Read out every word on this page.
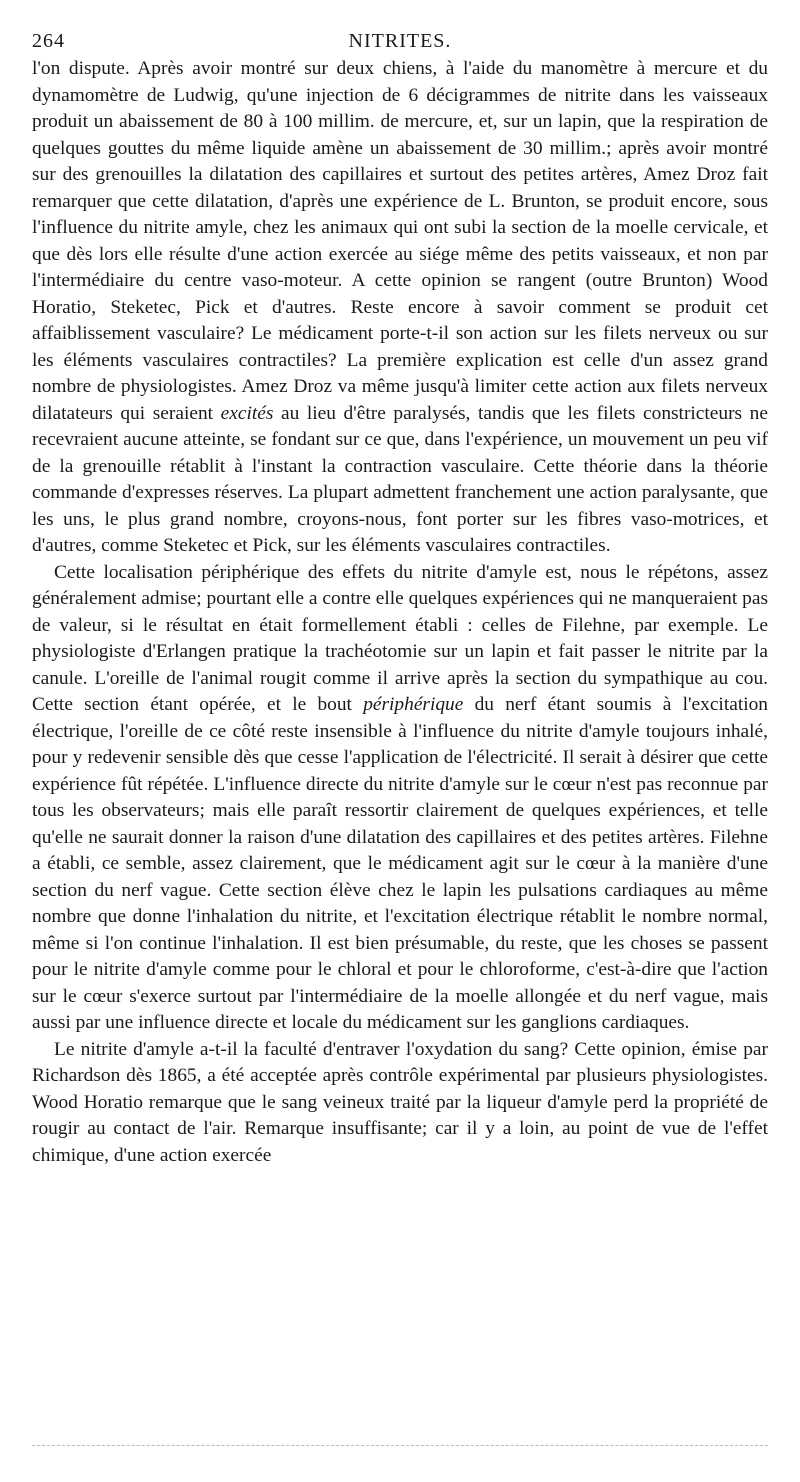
264	NITRITES.

l'on dispute. Après avoir montré sur deux chiens, à l'aide du manomètre à mercure et du dynamomètre de Ludwig, qu'une injection de 6 décigrammes de nitrite dans les vaisseaux produit un abaissement de 80 à 100 millim. de mercure, et, sur un lapin, que la respiration de quelques gouttes du même liquide amène un abaissement de 30 millim.; après avoir montré sur des grenouilles la dilatation des capillaires et surtout des petites artères, Amez Droz fait remarquer que cette dilatation, d'après une expérience de L. Brunton, se produit encore, sous l'influence du nitrite amyle, chez les animaux qui ont subi la section de la moelle cervicale, et que dès lors elle résulte d'une action exercée au siége même des petits vaisseaux, et non par l'intermédiaire du centre vaso-moteur. A cette opinion se rangent (outre Brunton) Wood Horatio, Steketec, Pick et d'autres. Reste encore à savoir comment se produit cet affaiblissement vasculaire? Le médicament porte-t-il son action sur les filets nerveux ou sur les éléments vasculaires contractiles? La première explication est celle d'un assez grand nombre de physiologistes. Amez Droz va même jusqu'à limiter cette action aux filets nerveux dilatateurs qui seraient excités au lieu d'être paralysés, tandis que les filets constricteurs ne recevraient aucune atteinte, se fondant sur ce que, dans l'expérience, un mouvement un peu vif de la grenouille rétablit à l'instant la contraction vasculaire. Cette théorie dans la théorie commande d'expresses réserves. La plupart admettent franchement une action paralysante, que les uns, le plus grand nombre, croyons-nous, font porter sur les fibres vaso-motrices, et d'autres, comme Steketec et Pick, sur les éléments vasculaires contractiles.

Cette localisation périphérique des effets du nitrite d'amyle est, nous le répétons, assez généralement admise; pourtant elle a contre elle quelques expériences qui ne manqueraient pas de valeur, si le résultat en était formellement établi : celles de Filehne, par exemple. Le physiologiste d'Erlangen pratique la trachéotomie sur un lapin et fait passer le nitrite par la canule. L'oreille de l'animal rougit comme il arrive après la section du sympathique au cou. Cette section étant opérée, et le bout périphérique du nerf étant soumis à l'excitation électrique, l'oreille de ce côté reste insensible à l'influence du nitrite d'amyle toujours inhalé, pour y redevenir sensible dès que cesse l'application de l'électricité. Il serait à désirer que cette expérience fût répétée. L'influence directe du nitrite d'amyle sur le cœur n'est pas reconnue par tous les observateurs; mais elle paraît ressortir clairement de quelques expériences, et telle qu'elle ne saurait donner la raison d'une dilatation des capillaires et des petites artères. Filehne a établi, ce semble, assez clairement, que le médicament agit sur le cœur à la manière d'une section du nerf vague. Cette section élève chez le lapin les pulsations cardiaques au même nombre que donne l'inhalation du nitrite, et l'excitation électrique rétablit le nombre normal, même si l'on continue l'inhalation. Il est bien présumable, du reste, que les choses se passent pour le nitrite d'amyle comme pour le chloral et pour le chloroforme, c'est-à-dire que l'action sur le cœur s'exerce surtout par l'intermédiaire de la moelle allongée et du nerf vague, mais aussi par une influence directe et locale du médicament sur les ganglions cardiaques.

Le nitrite d'amyle a-t-il la faculté d'entraver l'oxydation du sang? Cette opinion, émise par Richardson dès 1865, a été acceptée après contrôle expérimental par plusieurs physiologistes. Wood Horatio remarque que le sang veineux traité par la liqueur d'amyle perd la propriété de rougir au contact de l'air. Remarque insuffisante; car il y a loin, au point de vue de l'effet chimique, d'une action exercée
